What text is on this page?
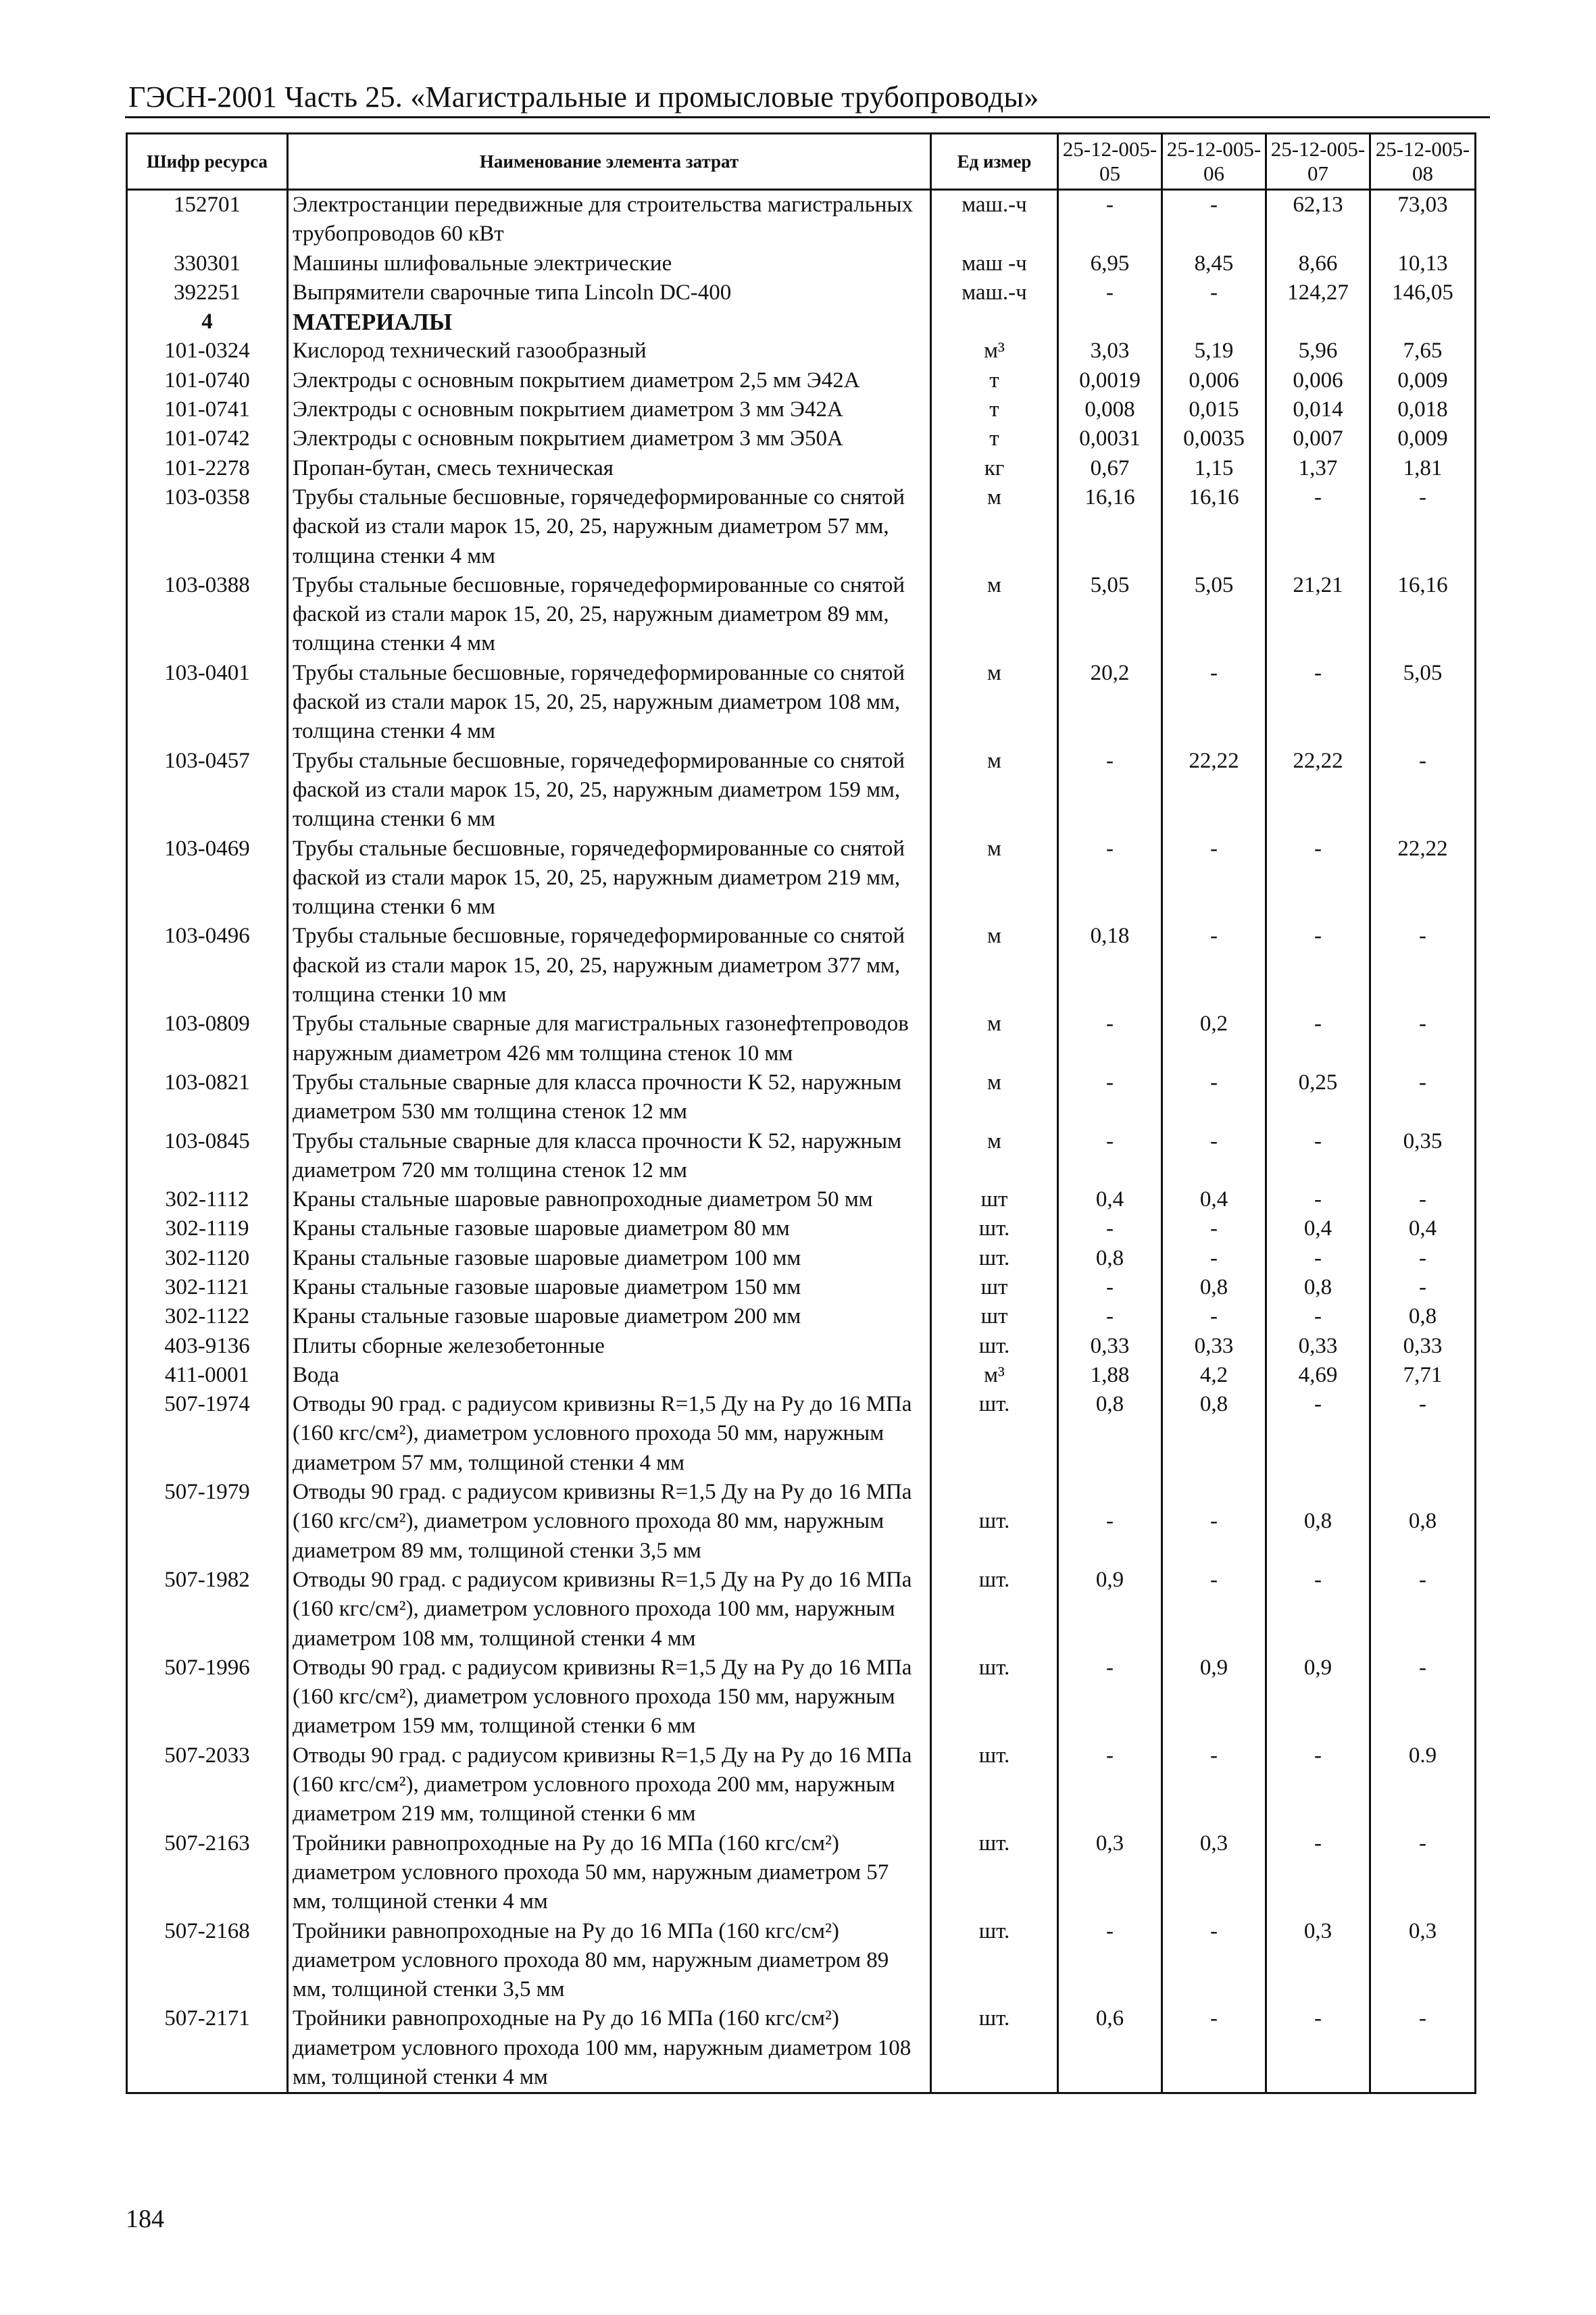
ГЭСН-2001 Часть 25. «Магистральные и промысловые трубопроводы»
Шифр ресурса	Наименование элемента затрат	Ед измер	25-12-005-05	25-12-005-06	25-12-005-07	25-12-005-08
152701	Электростанции передвижные для строительства магистральных трубопроводов 60 кВт	маш.-ч	-	-	62,13	73,03
330301	Машины шлифовальные электрические	маш -ч	6,95	8,45	8,66	10,13
392251	Выпрямители сварочные типа Lincoln DC-400	маш.-ч	-	-	124,27	146,05
4	МАТЕРИАЛЫ					
101-0324	Кислород технический газообразный	м³	3,03	5,19	5,96	7,65
101-0740	Электроды с основным покрытием диаметром 2,5 мм Э42А	т	0,0019	0,006	0,006	0,009
101-0741	Электроды с основным покрытием диаметром 3 мм Э42А	т	0,008	0,015	0,014	0,018
101-0742	Электроды с основным покрытием диаметром 3 мм Э50А	т	0,0031	0,0035	0,007	0,009
101-2278	Пропан-бутан, смесь техническая	кг	0,67	1,15	1,37	1,81
103-0358	Трубы стальные бесшовные, горячедеформированные со снятой фаской из стали марок 15, 20, 25, наружным диаметром 57 мм, толщина стенки 4 мм	м	16,16	16,16	-	-
103-0388	Трубы стальные бесшовные, горячедеформированные со снятой фаской из стали марок 15, 20, 25, наружным диаметром 89 мм, толщина стенки 4 мм	м	5,05	5,05	21,21	16,16
103-0401	Трубы стальные бесшовные, горячедеформированные со снятой фаской из стали марок 15, 20, 25, наружным диаметром 108 мм, толщина стенки 4 мм	м	20,2	-	-	5,05
103-0457	Трубы стальные бесшовные, горячедеформированные со снятой фаской из стали марок 15, 20, 25, наружным диаметром 159 мм, толщина стенки 6 мм	м	-	22,22	22,22	-
103-0469	Трубы стальные бесшовные, горячедеформированные со снятой фаской из стали марок 15, 20, 25, наружным диаметром 219 мм, толщина стенки 6 мм	м	-	-	-	22,22
103-0496	Трубы стальные бесшовные, горячедеформированные со снятой фаской из стали марок 15, 20, 25, наружным диаметром 377 мм, толщина стенки 10 мм	м	0,18	-	-	-
103-0809	Трубы стальные сварные для магистральных газонефтепроводов наружным диаметром 426 мм толщина стенок 10 мм	м	-	0,2	-	-
103-0821	Трубы стальные сварные для класса прочности К 52, наружным диаметром 530 мм толщина стенок 12 мм	м	-	-	0,25	-
103-0845	Трубы стальные сварные для класса прочности К 52, наружным диаметром 720 мм толщина стенок 12 мм	м	-	-	-	0,35
302-1112	Краны стальные шаровые равнопроходные диаметром 50 мм	шт	0,4	0,4	-	-
302-1119	Краны стальные газовые шаровые диаметром 80 мм	шт.	-	-	0,4	0,4
302-1120	Краны стальные газовые шаровые диаметром 100 мм	шт.	0,8	-	-	-
302-1121	Краны стальные газовые шаровые диаметром 150 мм	шт	-	0,8	0,8	-
302-1122	Краны стальные газовые шаровые диаметром 200 мм	шт	-	-	-	0,8
403-9136	Плиты сборные железобетонные	шт.	0,33	0,33	0,33	0,33
411-0001	Вода	м³	1,88	4,2	4,69	7,71
507-1974	Отводы 90 град. с радиусом кривизны R=1,5 Ду на Ру до 16 МПа (160 кгс/см²), диаметром условного прохода 50 мм, наружным диаметром 57 мм, толщиной стенки 4 мм	шт.	0,8	0,8	-	-
507-1979	Отводы 90 град. с радиусом кривизны R=1,5 Ду на Ру до 16 МПа (160 кгс/см²), диаметром условного прохода 80 мм, наружным диаметром 89 мм, толщиной стенки 3,5 мм	шт.	-	-	0,8	0,8
507-1982	Отводы 90 град. с радиусом кривизны R=1,5 Ду на Ру до 16 МПа (160 кгс/см²), диаметром условного прохода 100 мм, наружным диаметром 108 мм, толщиной стенки 4 мм	шт.	0,9	-	-	-
507-1996	Отводы 90 град. с радиусом кривизны R=1,5 Ду на Ру до 16 МПа (160 кгс/см²), диаметром условного прохода 150 мм, наружным диаметром 159 мм, толщиной стенки 6 мм	шт.	-	0,9	0,9	-
507-2033	Отводы 90 град. с радиусом кривизны R=1,5 Ду на Ру до 16 МПа (160 кгс/см²), диаметром условного прохода 200 мм, наружным диаметром 219 мм, толщиной стенки 6 мм	шт.	-	-	-	0.9
507-2163	Тройники равнопроходные на Ру до 16 МПа (160 кгс/см²) диаметром условного прохода 50 мм, наружным диаметром 57 мм, толщиной стенки 4 мм	шт.	0,3	0,3	-	-
507-2168	Тройники равнопроходные на Ру до 16 МПа (160 кгс/см²) диаметром условного прохода 80 мм, наружным диаметром 89 мм, толщиной стенки 3,5 мм	шт.	-	-	0,3	0,3
507-2171	Тройники равнопроходные на Ру до 16 МПа (160 кгс/см²) диаметром условного прохода 100 мм, наружным диаметром 108 мм, толщиной стенки 4 мм	шт.	0,6	-	-	-
184
